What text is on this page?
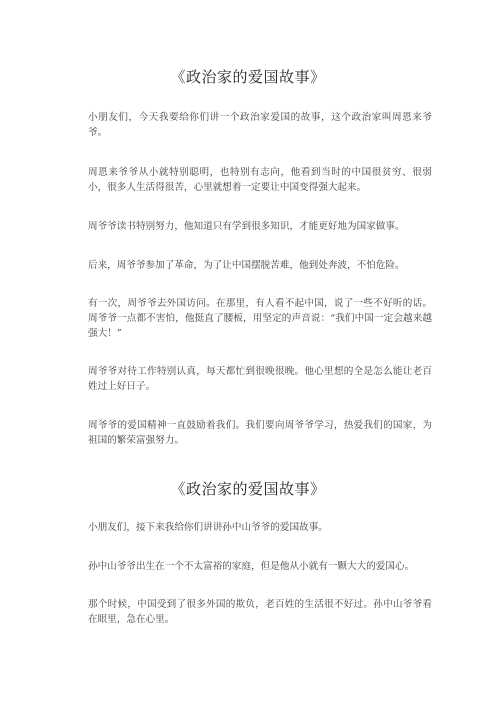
《政治家的爱国故事》
小朋友们，今天我要给你们讲一个政治家爱国的故事，这个政治家叫周恩来爷爷。
周恩来爷爷从小就特别聪明，也特别有志向，他看到当时的中国很贫穷、很弱小，很多人生活得很苦，心里就想着一定要让中国变得强大起来。
周爷爷读书特别努力，他知道只有学到很多知识，才能更好地为国家做事。
后来，周爷爷参加了革命，为了让中国摆脱苦难，他到处奔波，不怕危险。
有一次，周爷爷去外国访问。在那里，有人看不起中国，说了一些不好听的话。周爷爷一点都不害怕，他挺直了腰板，用坚定的声音说：“我们中国一定会越来越强大！”
周爷爷对待工作特别认真，每天都忙到很晚很晚。他心里想的全是怎么能让老百姓过上好日子。
周爷爷的爱国精神一直鼓励着我们。我们要向周爷爷学习，热爱我们的国家，为祖国的繁荣富强努力。
《政治家的爱国故事》
小朋友们，接下来我给你们讲讲孙中山爷爷的爱国故事。
孙中山爷爷出生在一个不太富裕的家庭，但是他从小就有一颗大大的爱国心。
那个时候，中国受到了很多外国的欺负，老百姓的生活很不好过。孙中山爷爷看在眼里，急在心里。
